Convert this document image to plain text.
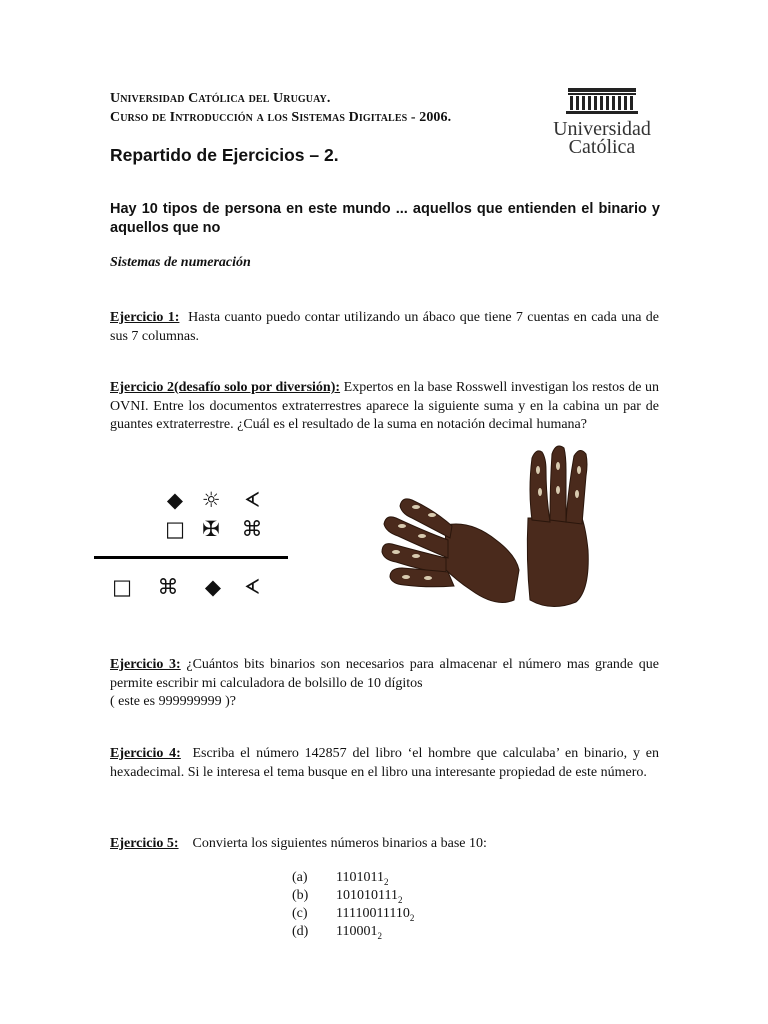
Universidad Católica del Uruguay.
Curso de Introducción a los Sistemas Digitales - 2006.
Universidad
Católica
Repartido de Ejercicios – 2.
Hay 10 tipos de persona en este mundo ... aquellos que entienden el binario y aquellos que no
Sistemas de numeración
Ejercicio 1: Hasta cuanto puedo contar utilizando un ábaco que tiene 7 cuentas en cada una de sus 7 columnas.
Ejercicio 2(desafío solo por diversión): Expertos en la base Rosswell investigan los restos de un OVNI. Entre los documentos extraterrestres aparece la siguiente suma y en la cabina un par de guantes extraterrestre. ¿Cuál es el resultado de la suma en notación decimal humana?
◆ ☼	ᗉ
□ ✠ ⌘
□ ⌘ ◆	ᗉ
Ejercicio 3: ¿Cuántos bits binarios son necesarios para almacenar el número mas grande que permite escribir mi calculadora de bolsillo de 10 dígitos
( este es 999999999 )?
Ejercicio 4: Escriba el número 142857 del libro ‘el hombre que calculaba’ en binario, y en hexadecimal. Si le interesa el tema busque en el libro una interesante propiedad de este número.
Ejercicio 5: Convierta los siguientes números binarios a base 10:
(a) $1101011_2$
(b) $101010111_2$
(c) $11110011110_2$
(d) $110001_2$
